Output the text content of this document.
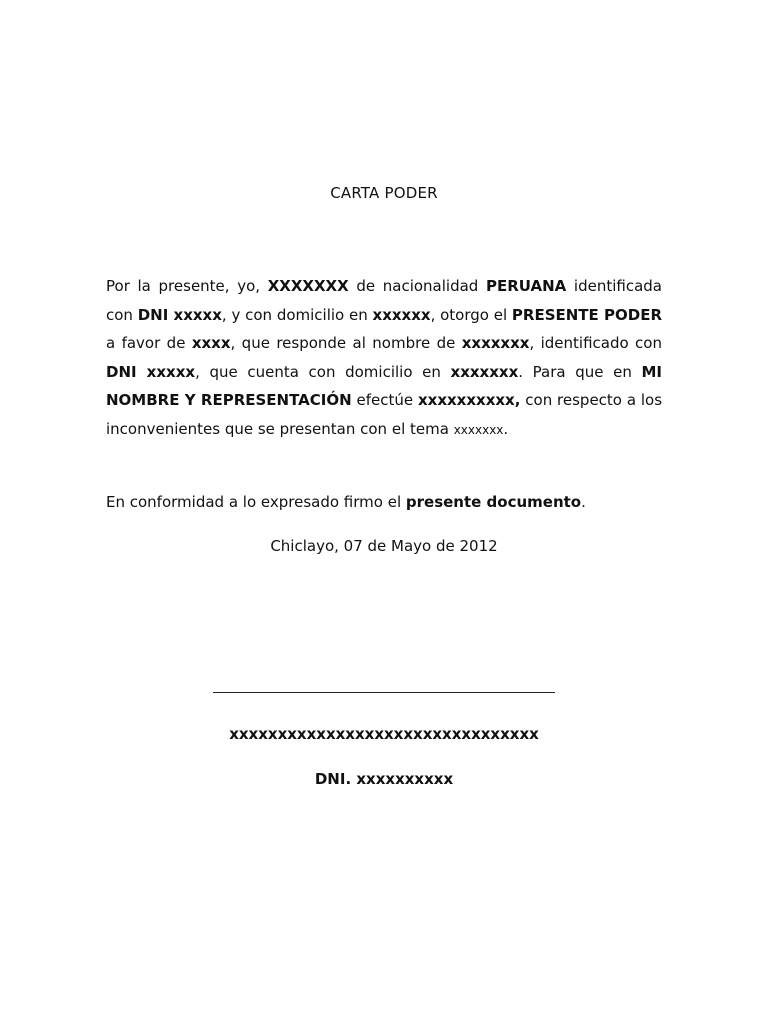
CARTA PODER

Por la presente, yo, XXXXXXX de nacionalidad PERUANA identificada con DNI xxxxx, y con domicilio en xxxxxx, otorgo el PRESENTE PODER a favor de xxxx, que responde al nombre de xxxxxxx, identificado con DNI xxxxx, que cuenta con domicilio en xxxxxxx. Para que en MI NOMBRE Y REPRESENTACIÓN efectúe xxxxxxxxxx, con respecto a los inconvenientes que se presentan con el tema xxxxxxx.

En conformidad a lo expresado firmo el presente documento.
Chiclayo, 07 de Mayo de 2012
xxxxxxxxxxxxxxxxxxxxxxxxxxxxxxxx
DNI. xxxxxxxxxx
